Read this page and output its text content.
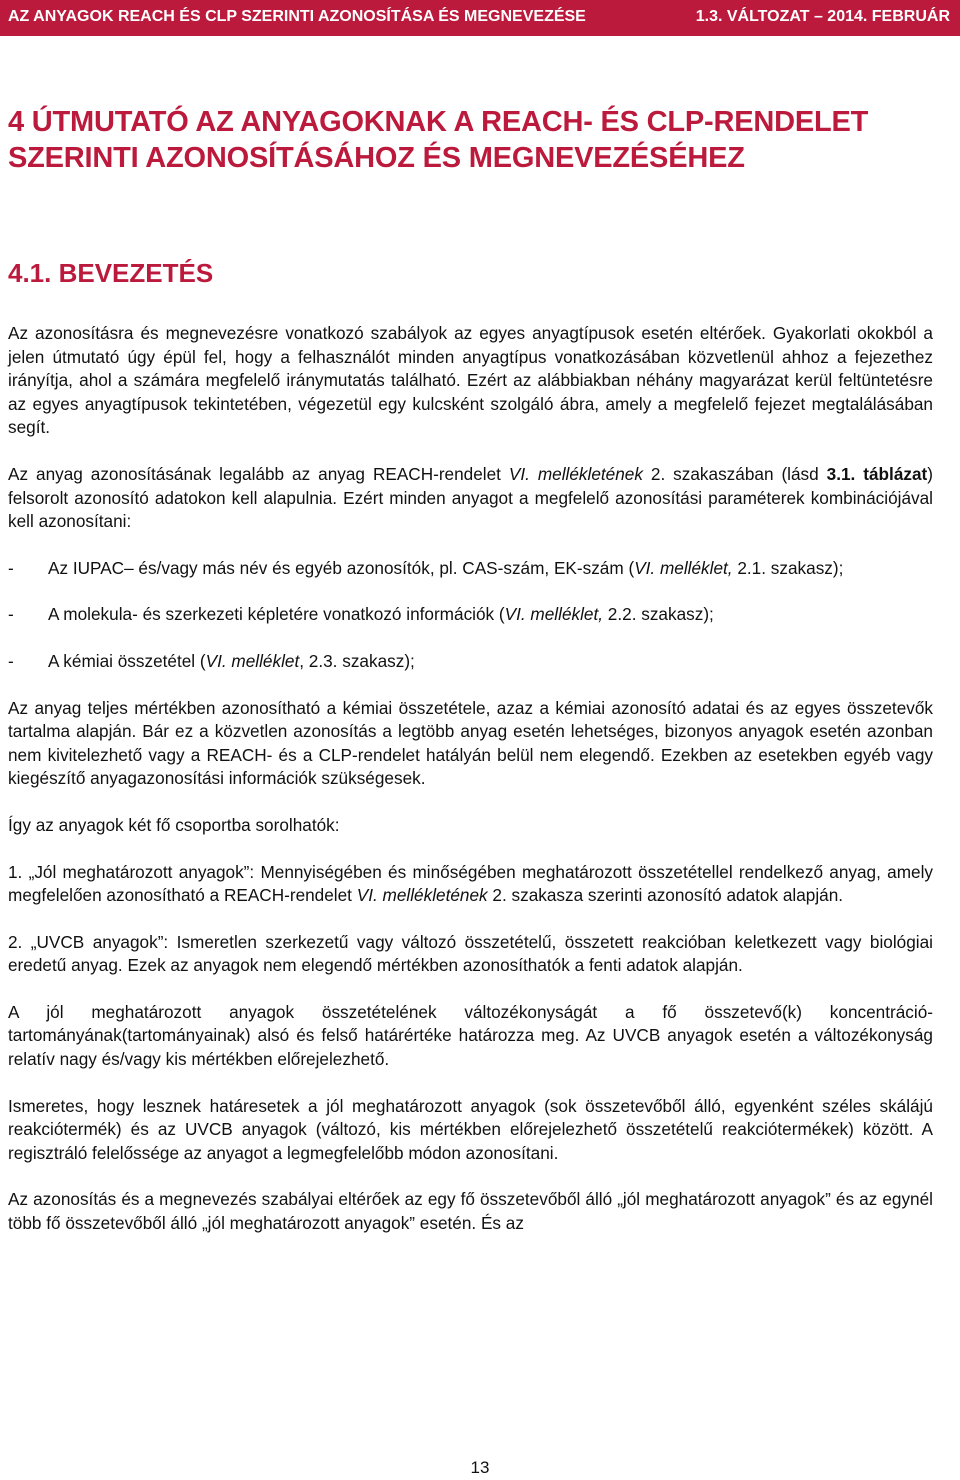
AZ ANYAGOK REACH ÉS CLP SZERINTI AZONOSÍTÁSA ÉS MEGNEVEZÉSE	1.3. VÁLTOZAT – 2014. FEBRUÁR
4 ÚTMUTATÓ AZ ANYAGOKNAK A REACH- ÉS CLP-RENDELET SZERINTI AZONOSÍTÁSÁHOZ ÉS MEGNEVEZÉSÉHEZ
4.1. BEVEZETÉS

Az azonosításra és megnevezésre vonatkozó szabályok az egyes anyagtípusok esetén eltérőek. Gyakorlati okokból a jelen útmutató úgy épül fel, hogy a felhasználót minden anyagtípus vonatkozásában közvetlenül ahhoz a fejezethez irányítja, ahol a számára megfelelő iránymutatás található. Ezért az alábbiakban néhány magyarázat kerül feltüntetésre az egyes anyagtípusok tekintetében, végezetül egy kulcsként szolgáló ábra, amely a megfelelő fejezet megtalálásában segít.

Az anyag azonosításának legalább az anyag REACH-rendelet VI. mellékletének 2. szakaszában (lásd 3.1. táblázat) felsorolt azonosító adatokon kell alapulnia. Ezért minden anyagot a megfelelő azonosítási paraméterek kombinációjával kell azonosítani:

-	Az IUPAC– és/vagy más név és egyéb azonosítók, pl. CAS-szám, EK-szám (VI. melléklet, 2.1. szakasz);
-	A molekula- és szerkezeti képletére vonatkozó információk (VI. melléklet, 2.2. szakasz);
-	A kémiai összetétel (VI. melléklet, 2.3. szakasz);

Az anyag teljes mértékben azonosítható a kémiai összetétele, azaz a kémiai azonosító adatai és az egyes összetevők tartalma alapján. Bár ez a közvetlen azonosítás a legtöbb anyag esetén lehetséges, bizonyos anyagok esetén azonban nem kivitelezhető vagy a REACH- és a CLP-rendelet hatályán belül nem elegendő. Ezekben az esetekben egyéb vagy kiegészítő anyagazonosítási információk szükségesek.

Így az anyagok két fő csoportba sorolhatók:

1. „Jól meghatározott anyagok”: Mennyiségében és minőségében meghatározott összetétellel rendelkező anyag, amely megfelelően azonosítható a REACH-rendelet VI. mellékletének 2. szakasza szerinti azonosító adatok alapján.

2. „UVCB anyagok”: Ismeretlen szerkezetű vagy változó összetételű, összetett reakcióban keletkezett vagy biológiai eredetű anyag. Ezek az anyagok nem elegendő mértékben azonosíthatók a fenti adatok alapján.

A jól meghatározott anyagok összetételének változékonyságát a fő összetevő(k) koncentráció-tartományának(tartományainak) alsó és felső határértéke határozza meg. Az UVCB anyagok esetén a változékonyság relatív nagy és/vagy kis mértékben előrejelezhető.

Ismeretes, hogy lesznek határesetek a jól meghatározott anyagok (sok összetevőből álló, egyenként széles skálájú reakciótermék) és az UVCB anyagok (változó, kis mértékben előrejelezhető összetételű reakciótermékek) között. A regisztráló felelőssége az anyagot a legmegfelelőbb módon azonosítani.

Az azonosítás és a megnevezés szabályai eltérőek az egy fő összetevőből álló „jól meghatározott anyagok” és az egynél több fő összetevőből álló „jól meghatározott anyagok” esetén. És az

13
